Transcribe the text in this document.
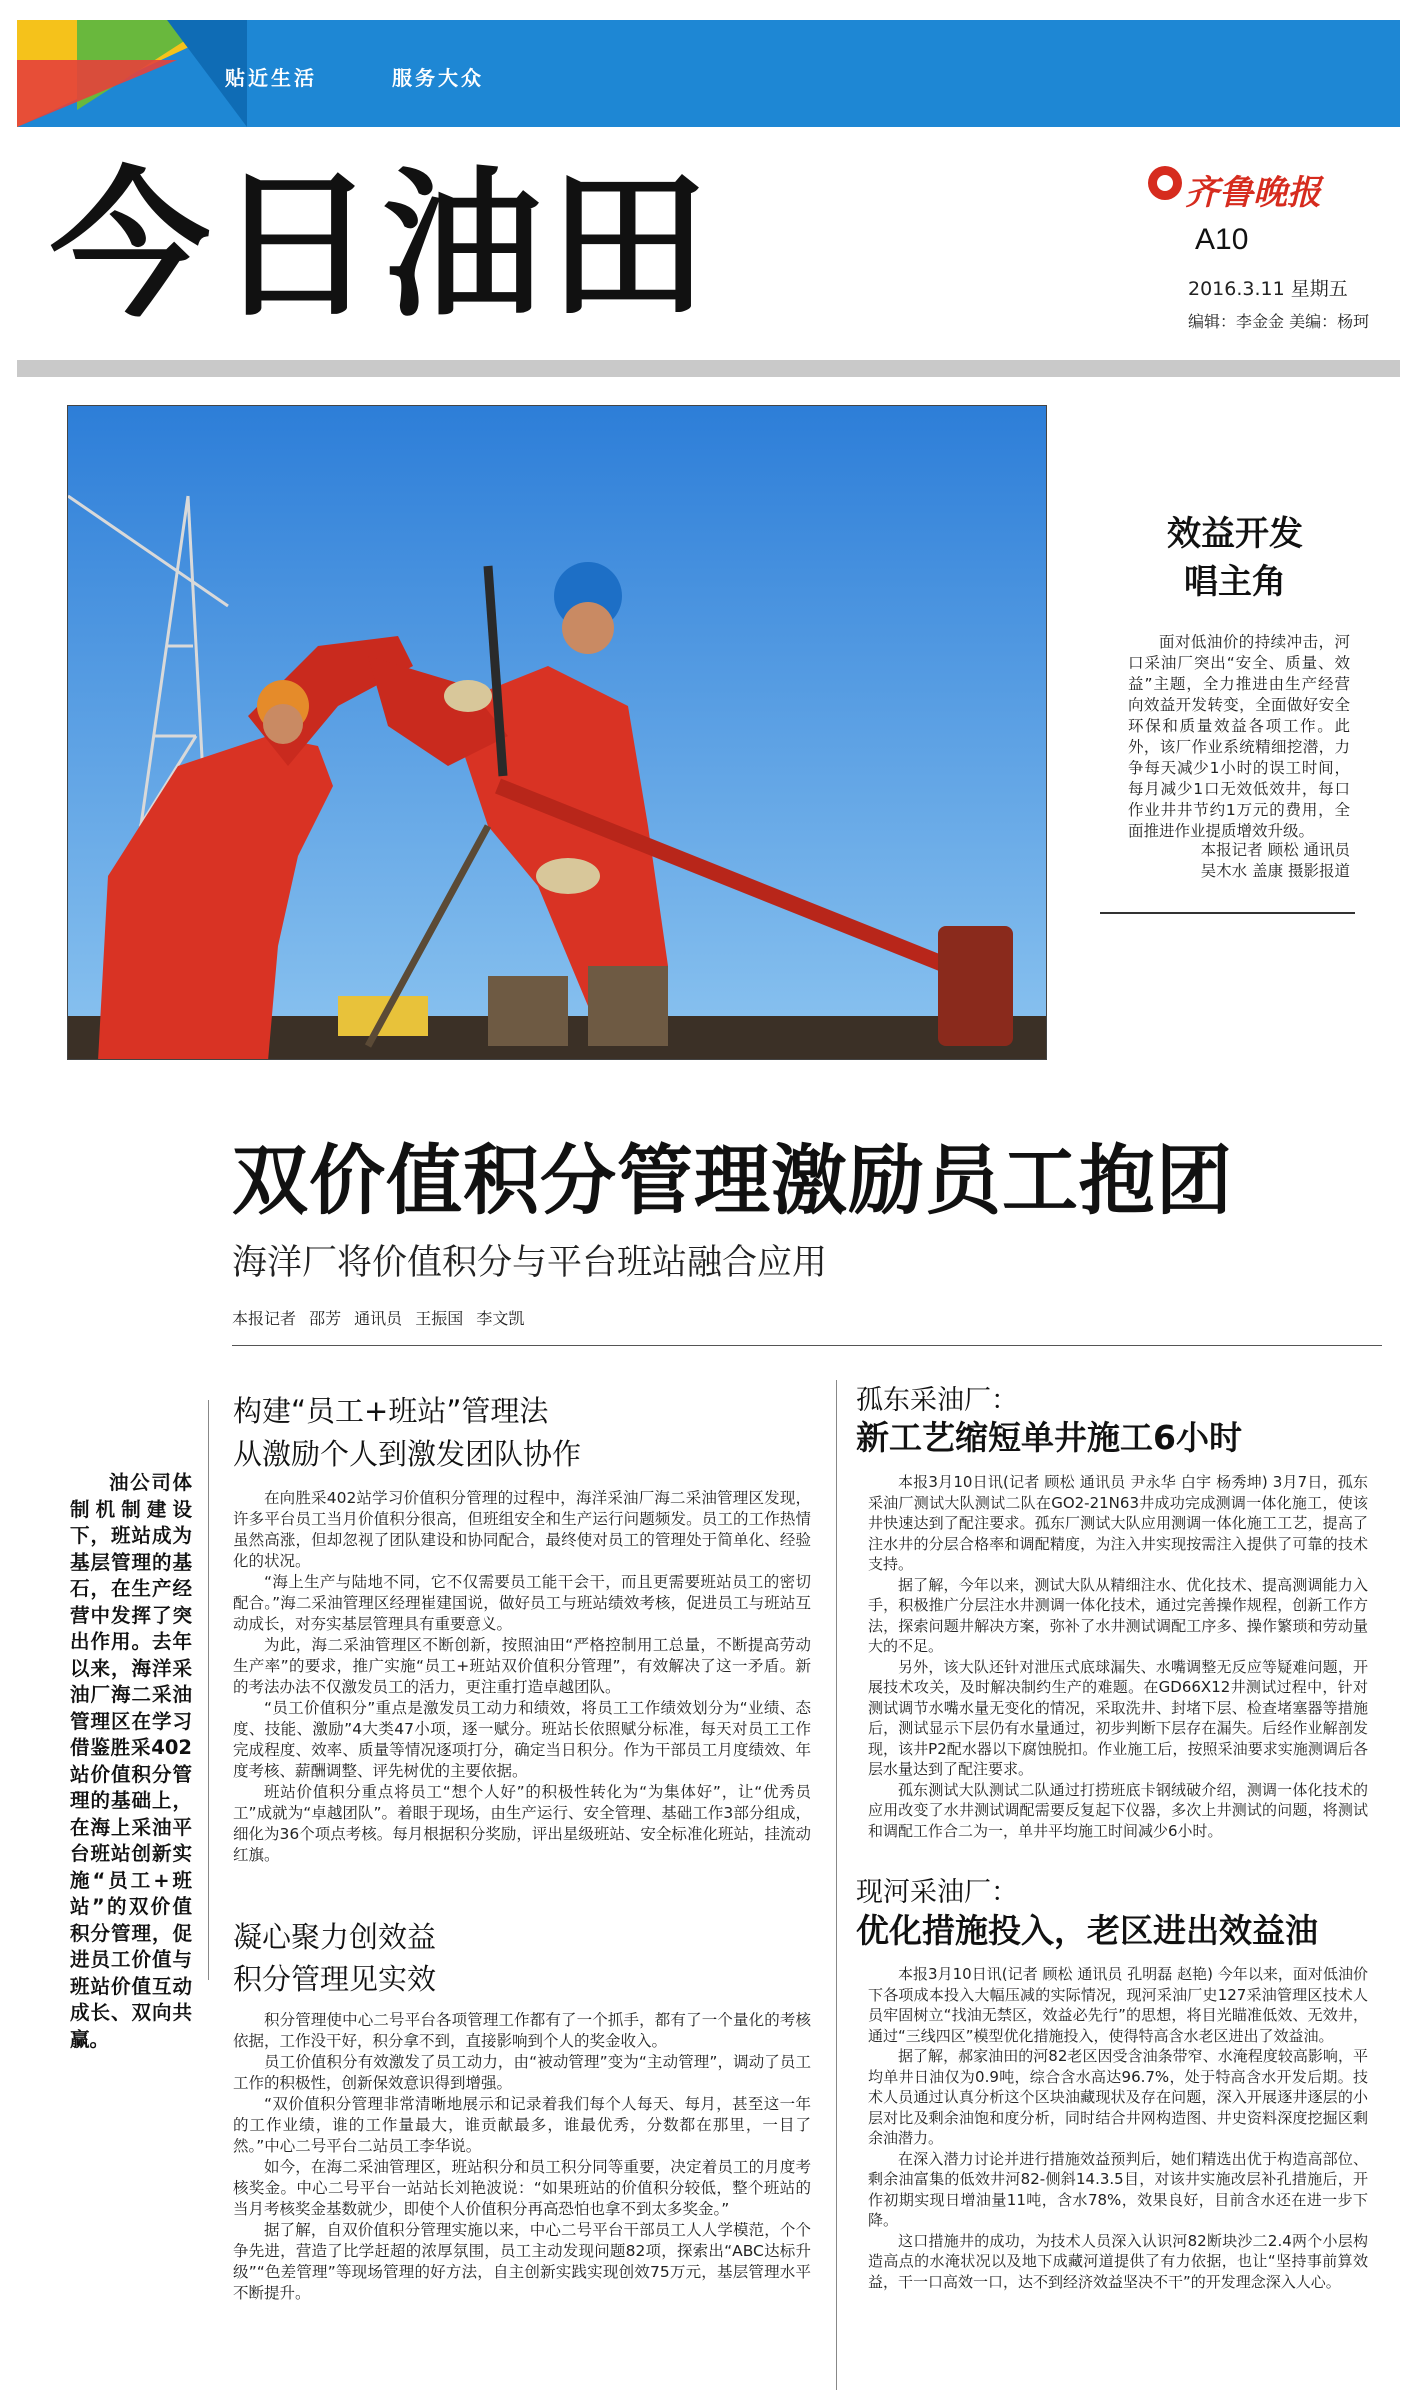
贴近生活	服务大众
今日油田	齐鲁晚报
A10
2016.3.11 星期五
编辑：李金金 美编：杨珂
效益开发
唱主角
面对低油价的持续冲击，河口采油厂突出“安全、质量、效益”主题，全力推进由生产经营向效益开发转变，全面做好安全环保和质量效益各项工作。此外，该厂作业系统精细挖潜，力争每天减少1小时的误工时间，每月减少1口无效低效井，每口作业井井节约1万元的费用，全面推进作业提质增效升级。
本报记者 顾松 通讯员
吴木水 盖康 摄影报道
双价值积分管理激励员工抱团
海洋厂将价值积分与平台班站融合应用
本报记者 邵芳 通讯员 王振国 李文凯
油公司体制机制建设下，班站成为基层管理的基石，在生产经营中发挥了突出作用。去年以来，海洋采油厂海二采油管理区在学习借鉴胜采402站价值积分管理的基础上，在海上采油平台班站创新实施“员工+班站”的双价值积分管理，促进员工价值与班站价值互动成长、双向共赢。
构建“员工+班站”管理法
从激励个人到激发团队协作

在向胜采402站学习价值积分管理的过程中，海洋采油厂海二采油管理区发现，许多平台员工当月价值积分很高，但班组安全和生产运行问题频发。员工的工作热情虽然高涨，但却忽视了团队建设和协同配合，最终使对员工的管理处于简单化、经验化的状况。

“海上生产与陆地不同，它不仅需要员工能干会干，而且更需要班站员工的密切配合。”海二采油管理区经理崔建国说，做好员工与班站绩效考核，促进员工与班站互动成长，对夯实基层管理具有重要意义。

为此，海二采油管理区不断创新，按照油田“严格控制用工总量，不断提高劳动生产率”的要求，推广实施“员工+班站双价值积分管理”，有效解决了这一矛盾。新的考法办法不仅激发员工的活力，更注重打造卓越团队。

“员工价值积分”重点是激发员工动力和绩效，将员工工作绩效划分为“业绩、态度、技能、激励”4大类47小项，逐一赋分。班站长依照赋分标准，每天对员工工作完成程度、效率、质量等情况逐项打分，确定当日积分。作为干部员工月度绩效、年度考核、薪酬调整、评先树优的主要依据。

班站价值积分重点将员工“想个人好”的积极性转化为“为集体好”，让“优秀员工”成就为“卓越团队”。着眼于现场，由生产运行、安全管理、基础工作3部分组成，细化为36个项点考核。每月根据积分奖励，评出星级班站、安全标准化班站，挂流动红旗。

凝心聚力创效益
积分管理见实效

积分管理使中心二号平台各项管理工作都有了一个抓手，都有了一个量化的考核依据，工作没干好，积分拿不到，直接影响到个人的奖金收入。

员工价值积分有效激发了员工动力，由“被动管理”变为“主动管理”，调动了员工工作的积极性，创新保效意识得到增强。

“双价值积分管理非常清晰地展示和记录着我们每个人每天、每月，甚至这一年的工作业绩，谁的工作量最大，谁贡献最多，谁最优秀，分数都在那里，一目了然。”中心二号平台二站员工李华说。

如今，在海二采油管理区，班站积分和员工积分同等重要，决定着员工的月度考核奖金。中心二号平台一站站长刘艳波说：“如果班站的价值积分较低，整个班站的当月考核奖金基数就少，即使个人价值积分再高恐怕也拿不到太多奖金。”

据了解，自双价值积分管理实施以来，中心二号平台干部员工人人学模范，个个争先进，营造了比学赶超的浓厚氛围，员工主动发现问题82项，探索出“ABC达标升级”“色差管理”等现场管理的好方法，自主创新实践实现创效75万元，基层管理水平不断提升。

孤东采油厂：
新工艺缩短单井施工6小时

本报3月10日讯(记者 顾松 通讯员 尹永华 白宇 杨秀坤) 3月7日，孤东采油厂测试大队测试二队在GO2-21N63井成功完成测调一体化施工，使该井快速达到了配注要求。孤东厂测试大队应用测调一体化施工工艺，提高了注水井的分层合格率和调配精度，为注入井实现按需注入提供了可靠的技术支持。

据了解，今年以来，测试大队从精细注水、优化技术、提高测调能力入手，积极推广分层注水井测调一体化技术，通过完善操作规程，创新工作方法，探索问题井解决方案，弥补了水井测试调配工序多、操作繁琐和劳动量大的不足。

另外，该大队还针对泄压式底球漏失、水嘴调整无反应等疑难问题，开展技术攻关，及时解决制约生产的难题。在GD66X12井测试过程中，针对测试调节水嘴水量无变化的情况，采取洗井、封堵下层、检查堵塞器等措施后，测试显示下层仍有水量通过，初步判断下层存在漏失。后经作业解剖发现，该井P2配水器以下腐蚀脱扣。作业施工后，按照采油要求实施测调后各层水量达到了配注要求。

孤东测试大队测试二队通过打捞班底卡钢绒破介绍，测调一体化技术的应用改变了水井测试调配需要反复起下仪器，多次上井测试的问题，将测试和调配工作合二为一，单井平均施工时间减少6小时。

现河采油厂：
优化措施投入，老区进出效益油

本报3月10日讯(记者 顾松 通讯员 孔明磊 赵艳) 今年以来，面对低油价下各项成本投入大幅压减的实际情况，现河采油厂史127采油管理区技术人员牢固树立“找油无禁区，效益必先行”的思想，将目光瞄准低效、无效井，通过“三线四区”模型优化措施投入，使得特高含水老区进出了效益油。

据了解，郝家油田的河82老区因受含油条带窄、水淹程度较高影响，平均单井日油仅为0.9吨，综合含水高达96.7%，处于特高含水开发后期。技术人员通过认真分析这个区块油藏现状及存在问题，深入开展逐井逐层的小层对比及剩余油饱和度分析，同时结合井网构造图、井史资料深度挖掘区剩余油潜力。

在深入潜力讨论并进行措施效益预判后，她们精选出优于构造高部位、剩余油富集的低效井河82-侧斜14.3.5目，对该井实施改层补孔措施后，开作初期实现日增油量11吨，含水78%，效果良好，目前含水还在进一步下降。

这口措施井的成功，为技术人员深入认识河82断块沙二2.4两个小层构造高点的水淹状况以及地下成藏河道提供了有力依据，也让“坚持事前算效益，干一口高效一口，达不到经济效益坚决不干”的开发理念深入人心。
